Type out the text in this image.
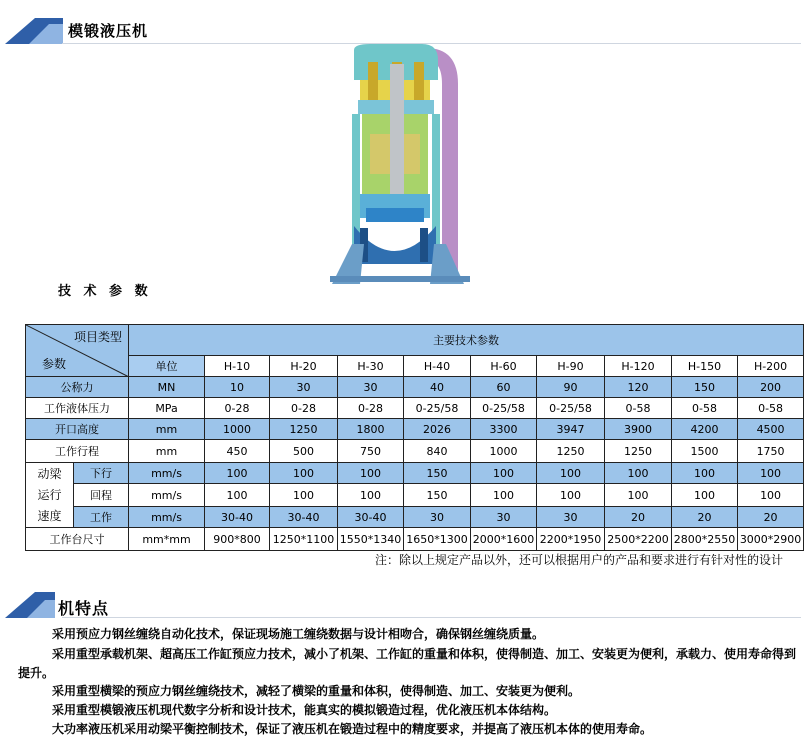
模锻液压机
技 术 参 数
项目类型
参数		主要技术参数									
		单位	H-10	H-20	H-30	H-40	H-60	H-90	H-120	H-150	H-200
公称力		MN	10	30	30	40	60	90	120	150	200
工作液体压力		MPa	0-28	0-28	0-28	0-25/58	0-25/58	0-25/58	0-58	0-58	0-58
开口高度		mm	1000	1250	1800	2026	3300	3947	3900	4200	4500
工作行程		mm	450	500	750	840	1000	1250	1250	1500	1750
动梁
运行
速度	下行	mm/s	100	100	100	150	100	100	100	100	100
	回程	mm/s	100	100	100	150	100	100	100	100	100
	工作	mm/s	30-40	30-40	30-40	30	30	30	20	20	20
工作台尺寸		mm*mm	900*800	1250*1100	1550*1340	1650*1300	2000*1600	2200*1950	2500*2200	2800*2550	3000*2900
注：除以上规定产品以外，还可以根据用户的产品和要求进行有针对性的设计
机特点
采用预应力钢丝缠绕自动化技术，保证现场施工缠绕数据与设计相吻合，确保钢丝缠绕质量。
采用重型承载机架、超高压工作缸预应力技术，减小了机架、工作缸的重量和体积，使得制造、加工、安装更为便利，承载力、使用寿命得到提升。
采用重型横梁的预应力钢丝缠绕技术，减轻了横梁的重量和体积，使得制造、加工、安装更为便利。
采用重型模锻液压机现代数字分析和设计技术，能真实的模拟锻造过程，优化液压机本体结构。
大功率液压机采用动梁平衡控制技术，保证了液压机在锻造过程中的精度要求，并提高了液压机本体的使用寿命。
